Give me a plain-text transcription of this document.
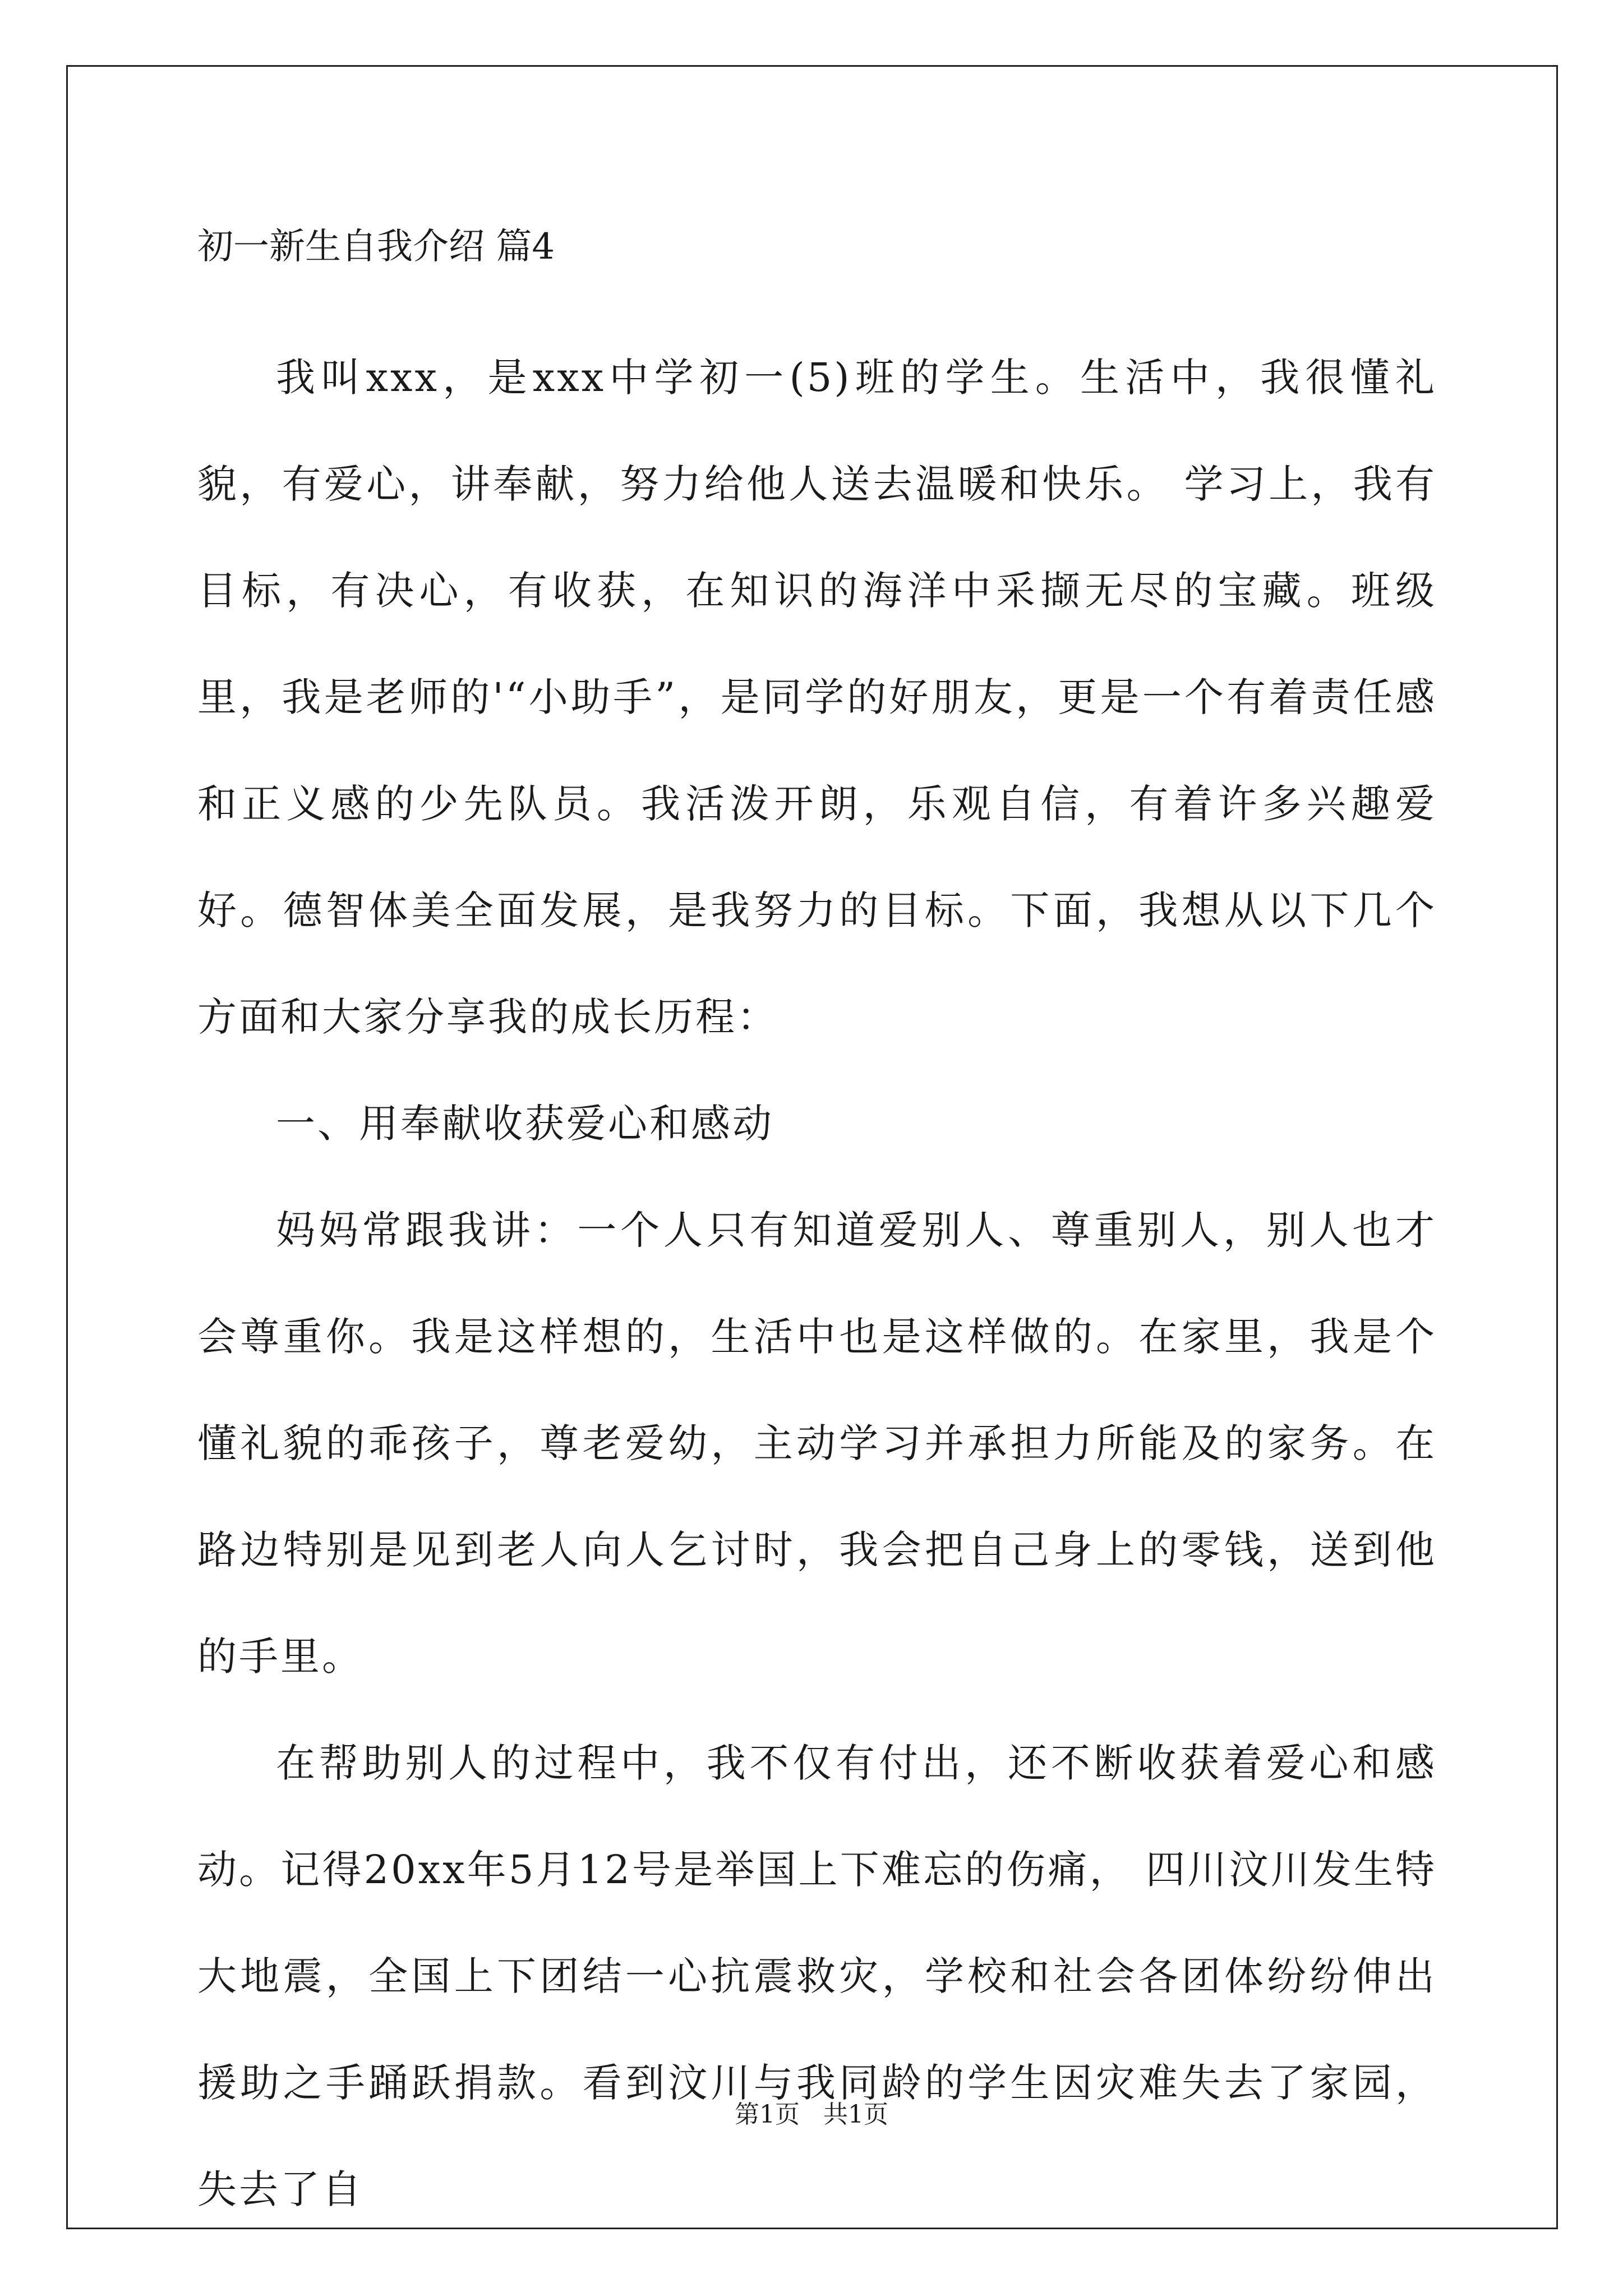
初一新生自我介绍 篇4

我叫xxx，是xxx中学初一(5)班的学生。生活中，我很懂礼貌，有爱心，讲奉献，努力给他人送去温暖和快乐。 学习上，我有目标，有决心，有收获，在知识的海洋中采撷无尽的宝藏。班级里，我是老师的'“小助手”，是同学的好朋友，更是一个有着责任感和正义感的少先队员。我活泼开朗，乐观自信，有着许多兴趣爱好。德智体美全面发展，是我努力的目标。下面，我想从以下几个方面和大家分享我的成长历程：

一、用奉献收获爱心和感动

妈妈常跟我讲：一个人只有知道爱别人、尊重别人，别人也才会尊重你。我是这样想的，生活中也是这样做的。在家里，我是个懂礼貌的乖孩子，尊老爱幼，主动学习并承担力所能及的家务。在路边特别是见到老人向人乞讨时，我会把自己身上的零钱，送到他的手里。

在帮助别人的过程中，我不仅有付出，还不断收获着爱心和感动。记得20xx年5月12号是举国上下难忘的伤痛， 四川汶川发生特大地震，全国上下团结一心抗震救灾，学校和社会各团体纷纷伸出援助之手踊跃捐款。看到汶川与我同龄的学生因灾难失去了家园，失去了自

第1页   共1页
